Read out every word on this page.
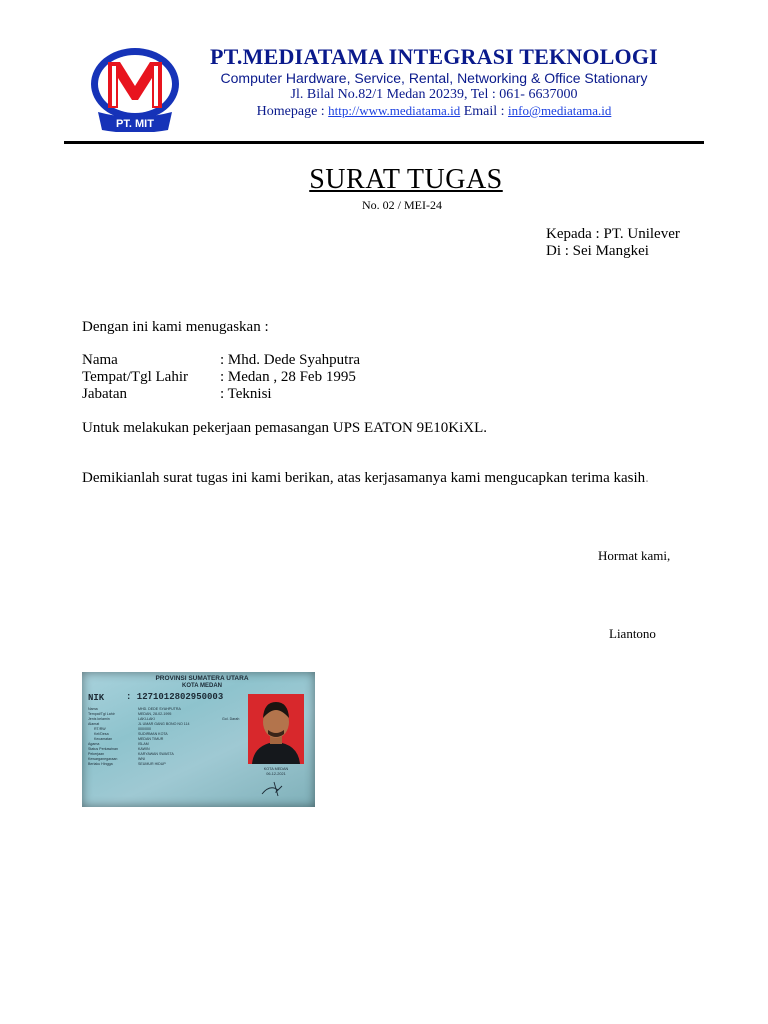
PT. MIT
PT.MEDIATAMA INTEGRASI TEKNOLOGI
Computer Hardware, Service, Rental, Networking & Office Stationary
Jl. Bilal No.82/1 Medan 20239, Tel : 061- 6637000
Homepage : http://www.mediatama.id Email : info@mediatama.id
SURAT TUGAS
No. 02 / MEI-24
Kepada : PT. Unilever
Di : Sei Mangkei
Dengan ini kami menugaskan :
Nama	: Mhd. Dede Syahputra
Tempat/Tgl Lahir : Medan , 28 Feb 1995
Jabatan	: Teknisi
Untuk melakukan pekerjaan pemasangan UPS EATON 9E10KiXL.
Demikianlah surat tugas ini kami berikan, atas kerjasamanya kami mengucapkan terima kasih.
Hormat kami,
Liantono
PROVINSI SUMATERA UTARA
KOTA MEDAN
NIK : 1271012802950003
Nama	MHD. DEDE SYAHPUTRA
Tempat/Tgl Lahir	MEDAN, 28-02-1995
Jenis kelamin	LAKI-LAKI	Gol. Darah
Alamat	JL UMAR GANG BONO NO 114
RT/RW	000/000
Kel/Desa	SUDIRMAN KOTA
Kecamatan	MEDAN TIMUR
Agama	ISLAM
Status Perkawinan	KAWIN
Pekerjaan	KARYAWAN SWASTA
Kewarganegaraan	WNI
Berlaku Hingga	SEUMUR HIDUP
KOTA MEDAN
06-12-2021
